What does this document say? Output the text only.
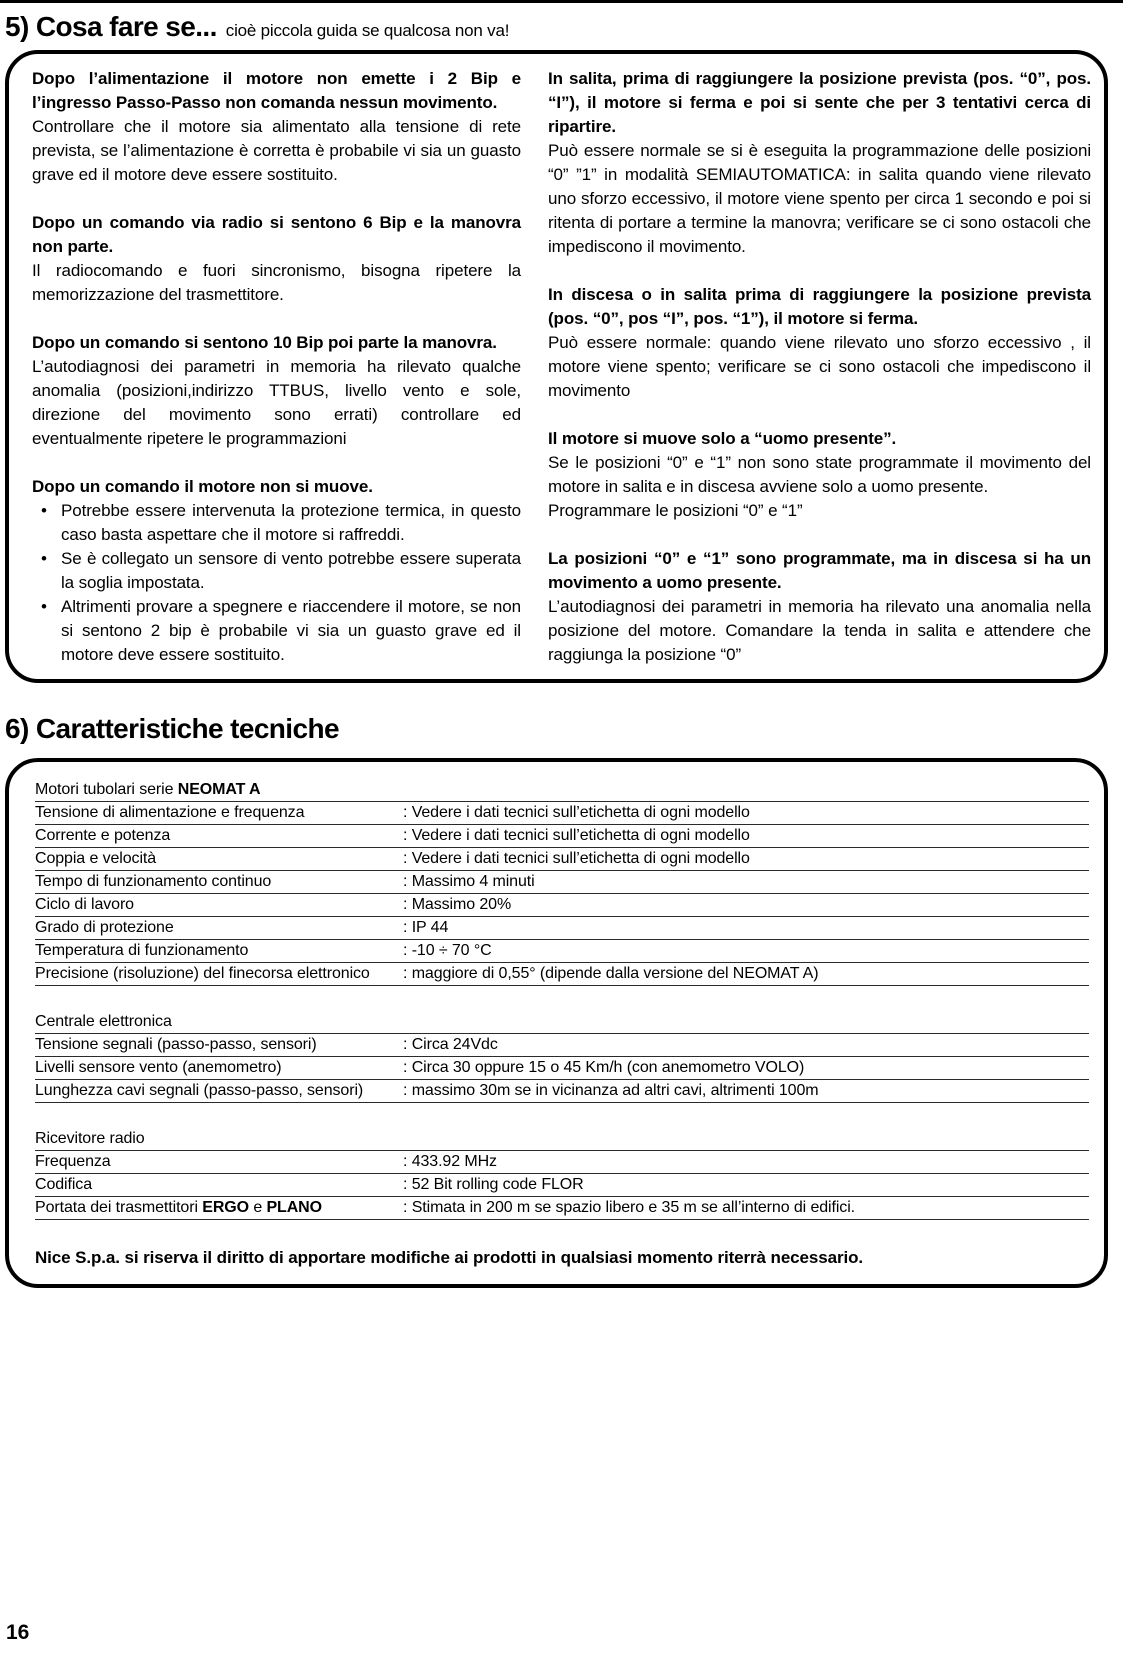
5) Cosa fare se... cioè piccola guida se qualcosa non va!
Dopo l’alimentazione il motore non emette i 2 Bip e l’ingresso Passo-Passo non comanda nessun movimento.
Controllare che il motore sia alimentato alla tensione di rete prevista, se l’alimentazione è corretta è probabile vi sia un guasto grave ed il motore deve essere sostituito.
Dopo un comando via radio si sentono 6 Bip e la manovra non parte.
Il radiocomando e fuori sincronismo, bisogna ripetere la memorizzazione del trasmettitore.
Dopo un comando si sentono 10 Bip poi parte la manovra.
L’autodiagnosi dei parametri in memoria ha rilevato qualche anomalia (posizioni,indirizzo TTBUS, livello vento e sole, direzione del movimento sono errati) controllare ed eventualmente ripetere le programmazioni
Dopo un comando il motore non si muove.
• Potrebbe essere intervenuta la protezione termica, in questo caso basta aspettare che il motore si raffreddi.
• Se è collegato un sensore di vento potrebbe essere superata la soglia impostata.
• Altrimenti provare a spegnere e riaccendere il motore, se non si sentono 2 bip è probabile vi sia un guasto grave ed il motore deve essere sostituito.
In salita, prima di raggiungere la posizione prevista (pos. “0”, pos. “I”), il motore si ferma e poi si sente che per 3 tentativi cerca di ripartire.
Può essere normale se si è eseguita la programmazione delle posizioni “0” ”1” in modalità SEMIAUTOMATICA: in salita quando viene rilevato uno sforzo eccessivo, il motore viene spento per circa 1 secondo e poi si ritenta di portare a termine la manovra; verificare se ci sono ostacoli che impediscono il movimento.
In discesa o in salita prima di raggiungere la posizione prevista (pos. “0”, pos “I”, pos. “1”), il motore si ferma.
Può essere normale: quando viene rilevato uno sforzo eccessivo , il motore viene spento; verificare se ci sono ostacoli che impediscono il movimento
Il motore si muove solo a “uomo presente”.
Se le posizioni “0” e “1” non sono state programmate il movimento del motore in salita e in discesa avviene solo a uomo presente.
Programmare le posizioni “0” e “1”
La posizioni “0” e “1” sono programmate, ma in discesa si ha un movimento a uomo presente.
L’autodiagnosi dei parametri in memoria ha rilevato una anomalia nella posizione del motore. Comandare la tenda in salita e attendere che raggiunga la posizione “0”
6) Caratteristiche tecniche
Motori tubolari serie NEOMAT A
Tensione di alimentazione e frequenza	: Vedere i dati tecnici sull’etichetta di ogni modello
Corrente e potenza	: Vedere i dati tecnici sull’etichetta di ogni modello
Coppia e velocità	: Vedere i dati tecnici sull’etichetta di ogni modello
Tempo di funzionamento continuo	: Massimo 4 minuti
Ciclo di lavoro	: Massimo 20%
Grado di protezione	: IP 44
Temperatura di funzionamento	: -10 ÷ 70 °C
Precisione (risoluzione) del finecorsa elettronico	: maggiore di 0,55° (dipende dalla versione del NEOMAT A)
Centrale elettronica
Tensione segnali (passo-passo, sensori)	: Circa 24Vdc
Livelli sensore vento (anemometro)	: Circa 30 oppure 15 o 45 Km/h (con anemometro VOLO)
Lunghezza cavi segnali (passo-passo, sensori)	: massimo 30m se in vicinanza ad altri cavi, altrimenti 100m
Ricevitore radio
Frequenza	: 433.92 MHz
Codifica	: 52 Bit rolling code FLOR
Portata dei trasmettitori ERGO e PLANO	: Stimata in 200 m se spazio libero e 35 m se all’interno di edifici.
Nice S.p.a. si riserva il diritto di apportare modifiche ai prodotti in qualsiasi momento riterrà necessario.
16
